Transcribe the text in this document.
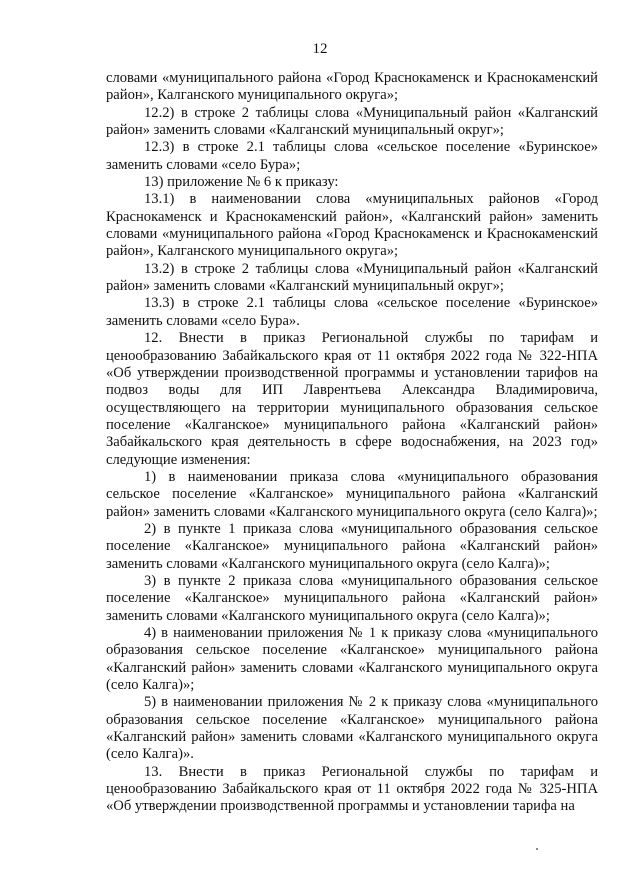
12

словами «муниципального района «Город Краснокаменск и Краснокаменский район», Калганского муниципального округа»;

12.2) в строке 2 таблицы слова «Муниципальный район «Калганский район» заменить словами «Калганский муниципальный округ»;

12.3) в строке 2.1 таблицы слова «сельское поселение «Буринское» заменить словами «село Бура»;

13) приложение № 6 к приказу:

13.1) в наименовании слова «муниципальных районов «Город Краснокаменск и Краснокаменский район», «Калганский район» заменить словами «муниципального района «Город Краснокаменск и Краснокаменский район», Калганского муниципального округа»;

13.2) в строке 2 таблицы слова «Муниципальный район «Калганский район» заменить словами «Калганский муниципальный округ»;

13.3) в строке 2.1 таблицы слова «сельское поселение «Буринское» заменить словами «село Бура».

12. Внести в приказ Региональной службы по тарифам и ценообразованию Забайкальского края от 11 октября 2022 года № 322-НПА «Об утверждении производственной программы и установлении тарифов на подвоз воды для ИП Лаврентьева Александра Владимировича, осуществляющего на территории муниципального образования сельское поселение «Калганское» муниципального района «Калганский район» Забайкальского края деятельность в сфере водоснабжения, на 2023 год» следующие изменения:

1) в наименовании приказа слова «муниципального образования сельское поселение «Калганское» муниципального района «Калганский район» заменить словами «Калганского муниципального округа (село Калга)»;

2) в пункте 1 приказа слова «муниципального образования сельское поселение «Калганское» муниципального района «Калганский район» заменить словами «Калганского муниципального округа (село Калга)»;

3) в пункте 2 приказа слова «муниципального образования сельское поселение «Калганское» муниципального района «Калганский район» заменить словами «Калганского муниципального округа (село Калга)»;

4) в наименовании приложения № 1 к приказу слова «муниципального образования сельское поселение «Калганское» муниципального района «Калганский район» заменить словами «Калганского муниципального округа (село Калга)»;

5) в наименовании приложения № 2 к приказу слова «муниципального образования сельское поселение «Калганское» муниципального района «Калганский район» заменить словами «Калганского муниципального округа (село Калга)».

13. Внести в приказ Региональной службы по тарифам и ценообразованию Забайкальского края от 11 октября 2022 года № 325-НПА «Об утверждении производственной программы и установлении тарифа на
